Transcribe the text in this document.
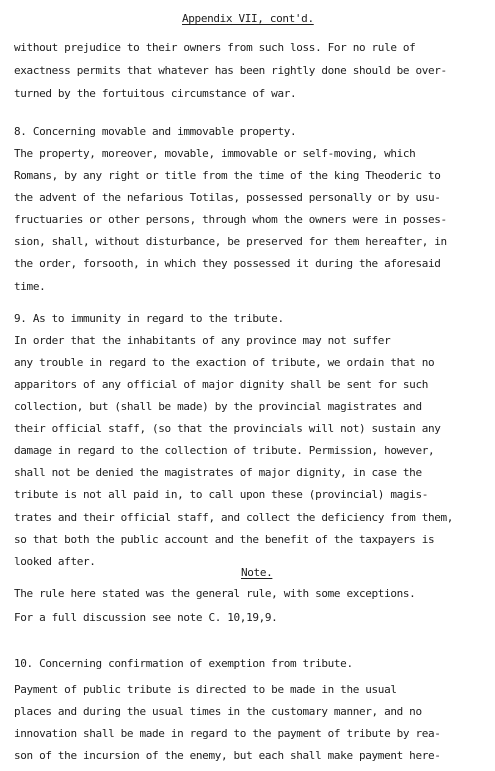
Appendix VII, cont'd.
without prejudice to their owners from such loss. For no rule of
exactness permits that whatever has been rightly done should be over-
turned by the fortuitous circumstance of war.
8. Concerning movable and immovable property.
The property, moreover, movable, immovable or self-moving, which
Romans, by any right or title from the time of the king Theoderic to
the advent of the nefarious Totilas, possessed personally or by usu-
fructuaries or other persons, through whom the owners were in posses-
sion, shall, without disturbance, be preserved for them hereafter, in
the order, forsooth, in which they possessed it during the aforesaid
time.
9. As to immunity in regard to the tribute.
In order that the inhabitants of any province may not suffer
any trouble in regard to the exaction of tribute, we ordain that no
apparitors of any official of major dignity shall be sent for such
collection, but (shall be made) by the provincial magistrates and
their official staff, (so that the provincials will not) sustain any
damage in regard to the collection of tribute. Permission, however,
shall not be denied the magistrates of major dignity, in case the
tribute is not all paid in, to call upon these (provincial) magis-
trates and their official staff, and collect the deficiency from them,
so that both the public account and the benefit of the taxpayers is
looked after.
Note.
The rule here stated was the general rule, with some exceptions.
For a full discussion see note C. 10,19,9.
10. Concerning confirmation of exemption from tribute.
Payment of public tribute is directed to be made in the usual
places and during the usual times in the customary manner, and no
innovation shall be made in regard to the payment of tribute by rea-
son of the incursion of the enemy, but each shall make payment here-
